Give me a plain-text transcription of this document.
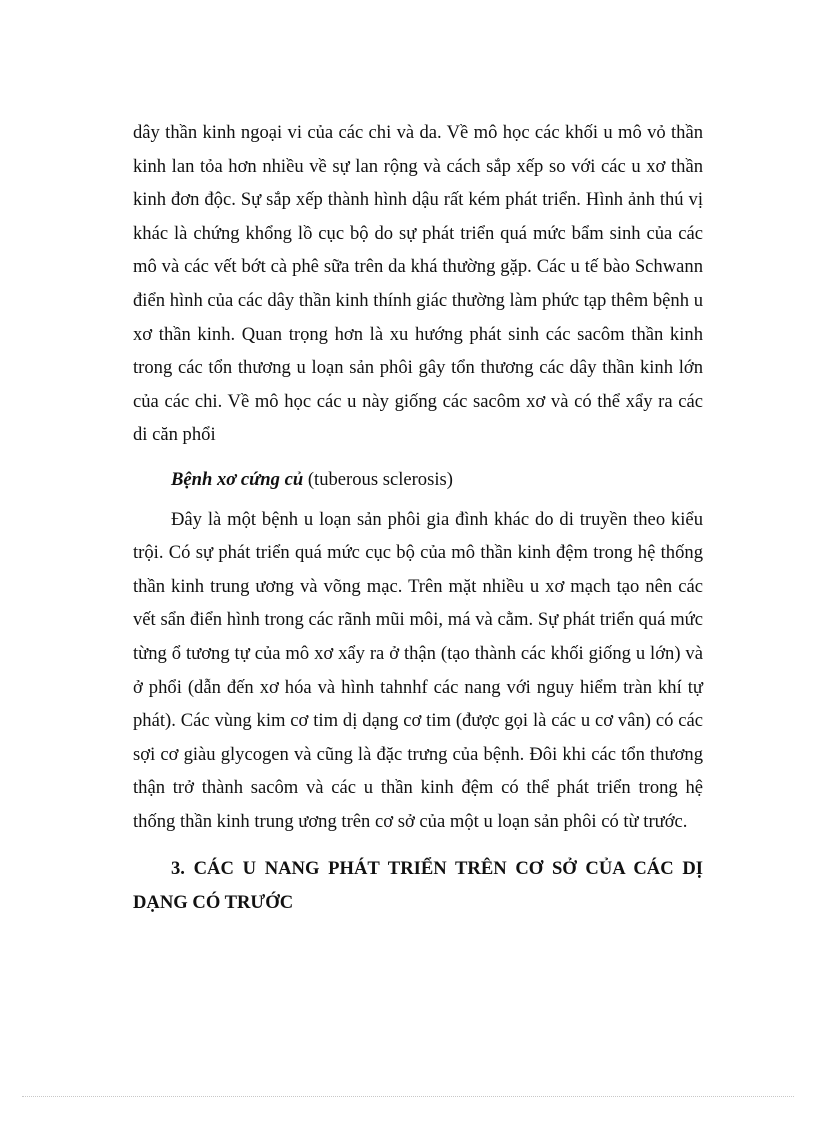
dây thần kinh ngoại vi của các chi và da. Về mô học các khối u mô vỏ thần kinh lan tỏa hơn nhiều về sự lan rộng và cách sắp xếp so với các u xơ thần kinh đơn độc. Sự sắp xếp thành hình dậu rất kém phát triển. Hình ảnh thú vị khác là chứng khổng lồ cục bộ do sự phát triển quá mức bẩm sinh của các mô và các vết bớt cà phê sữa trên da khá thường gặp. Các u tế bào Schwann điển hình của các dây thần kinh thính giác thường làm phức tạp thêm bệnh u xơ thần kinh. Quan trọng hơn là xu hướng phát sinh các sacôm thần kinh trong các tổn thương u loạn sản phôi gây tổn thương các dây thần kinh lớn của các chi. Về mô học các u này giống các sacôm xơ và có thể xẩy ra các di căn phổi

Bệnh xơ cứng củ (tuberous sclerosis)

Đây là một bệnh u loạn sản phôi gia đình khác do di truyền theo kiểu trội. Có sự phát triển quá mức cục bộ của mô thần kinh đệm trong hệ thống thần kinh trung ương và võng mạc. Trên mặt nhiều u xơ mạch tạo nên các vết sẩn điển hình trong các rãnh mũi môi, má và cằm. Sự phát triển quá mức từng ổ tương tự của mô xơ xẩy ra ở thận (tạo thành các khối giống u lớn) và ở phổi (dẫn đến xơ hóa và hình tahnhf các nang với nguy hiểm tràn khí tự phát). Các vùng kim cơ tim dị dạng cơ tim (được gọi là các u cơ vân) có các sợi cơ giàu glycogen và cũng là đặc trưng của bệnh. Đôi khi các tổn thương thận trở thành sacôm và các u thần kinh đệm có thể phát triển trong hệ thống thần kinh trung ương trên cơ sở của một u loạn sản phôi có từ trước.

3. CÁC U NANG PHÁT TRIỂN TRÊN CƠ SỞ CỦA CÁC DỊ DẠNG CÓ TRƯỚC
